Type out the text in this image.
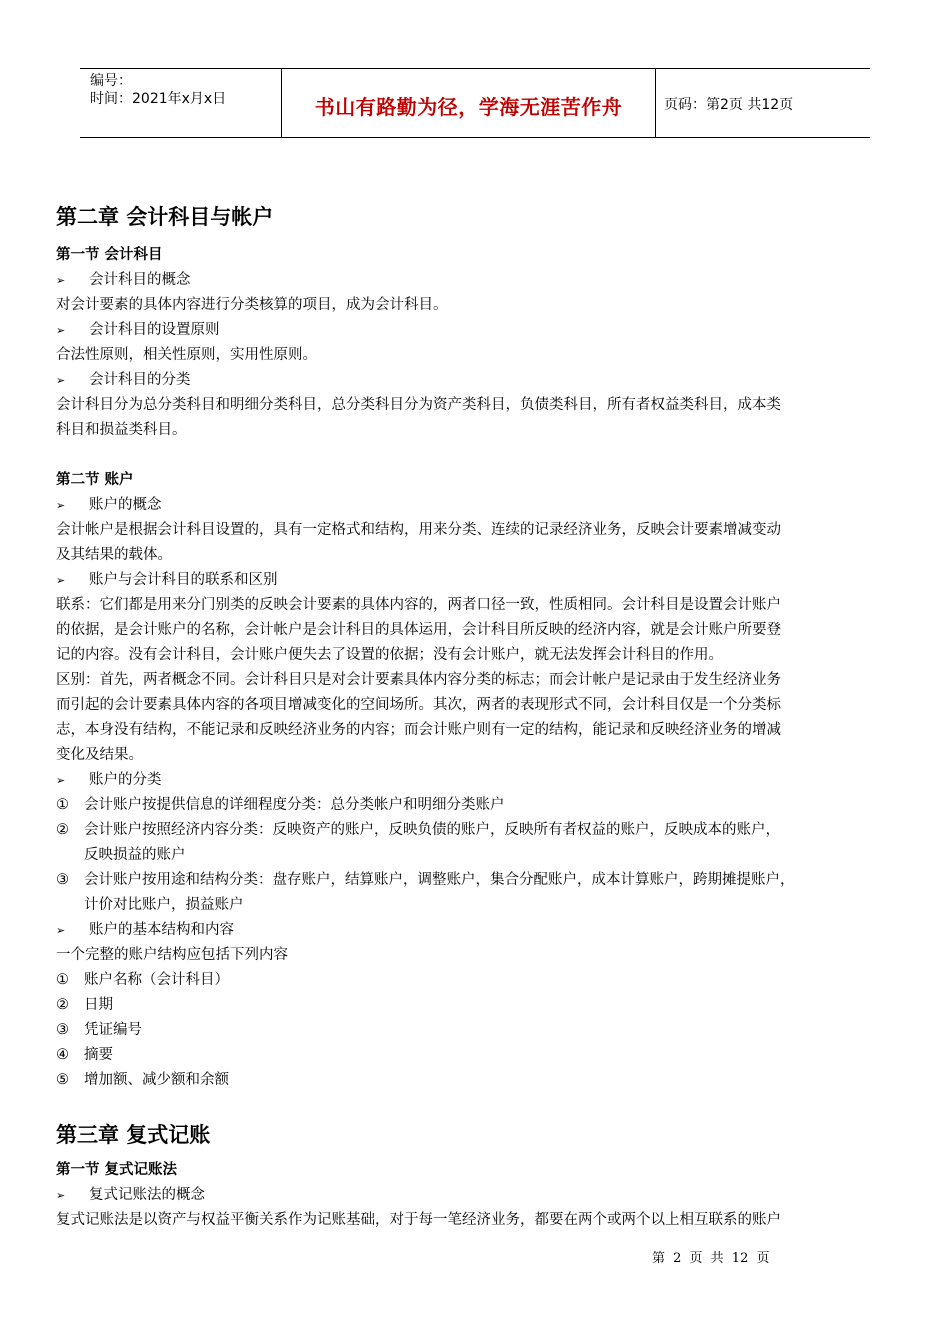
编号：
时间：2021年x月x日	书山有路勤为径，学海无涯苦作舟	页码：第2页 共12页
第二章 会计科目与帐户
第一节 会计科目
➢ 会计科目的概念

对会计要素的具体内容进行分类核算的项目，成为会计科目。

➢ 会计科目的设置原则

合法性原则，相关性原则，实用性原则。

➢ 会计科目的分类

会计科目分为总分类科目和明细分类科目，总分类科目分为资产类科目，负债类科目，所有者权益类科目，成本类

科目和损益类科目。

第二节 账户
➢ 账户的概念

会计帐户是根据会计科目设置的，具有一定格式和结构，用来分类、连续的记录经济业务，反映会计要素增减变动

及其结果的载体。

➢ 账户与会计科目的联系和区别

联系：它们都是用来分门别类的反映会计要素的具体内容的，两者口径一致，性质相同。会计科目是设置会计账户

的依据，是会计账户的名称，会计帐户是会计科目的具体运用，会计科目所反映的经济内容，就是会计账户所要登

记的内容。没有会计科目，会计账户便失去了设置的依据；没有会计账户，就无法发挥会计科目的作用。

区别：首先，两者概念不同。会计科目只是对会计要素具体内容分类的标志；而会计帐户是记录由于发生经济业务

而引起的会计要素具体内容的各项目增减变化的空间场所。其次，两者的表现形式不同，会计科目仅是一个分类标

志，本身没有结构，不能记录和反映经济业务的内容；而会计账户则有一定的结构，能记录和反映经济业务的增减

变化及结果。

➢ 账户的分类
① 会计账户按提供信息的详细程度分类：总分类帐户和明细分类账户
② 会计账户按照经济内容分类：反映资产的账户，反映负债的账户，反映所有者权益的账户，反映成本的账户，
反映损益的账户
③ 会计账户按用途和结构分类：盘存账户，结算账户，调整账户，集合分配账户，成本计算账户，跨期摊提账户，
计价对比账户，损益账户
➢ 账户的基本结构和内容

一个完整的账户结构应包括下列内容

① 账户名称（会计科目）
② 日期
③ 凭证编号
④ 摘要
⑤ 增加额、减少额和余额
第三章 复式记账
第一节 复式记账法
➢ 复式记账法的概念

复式记账法是以资产与权益平衡关系作为记账基础，对于每一笔经济业务，都要在两个或两个以上相互联系的账户

第 2 页 共 12 页
